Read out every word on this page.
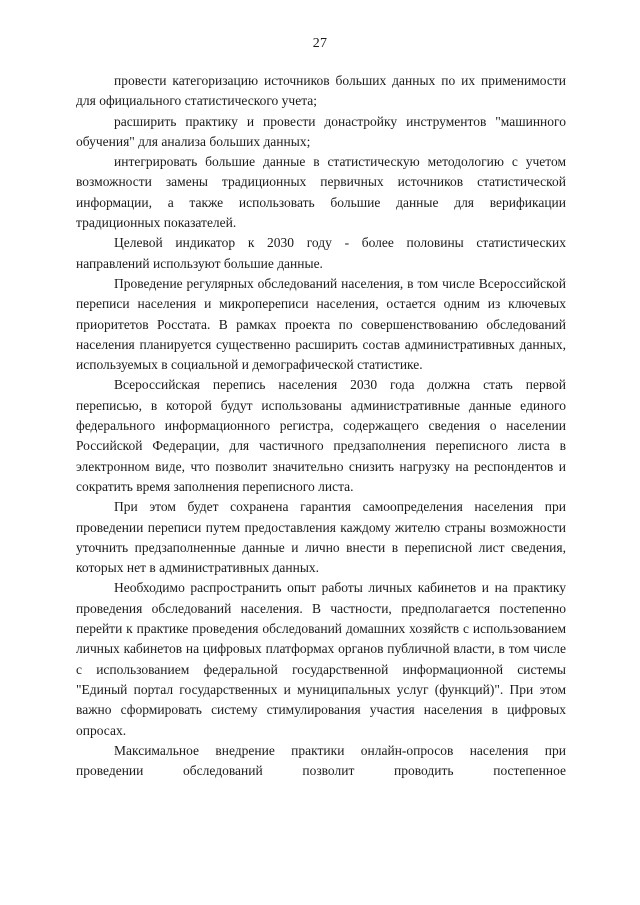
27

провести категоризацию источников больших данных по их применимости для официального статистического учета;

расширить практику и провести донастройку инструментов "машинного обучения" для анализа больших данных;

интегрировать большие данные в статистическую методологию с учетом возможности замены традиционных первичных источников статистической информации, а также использовать большие данные для верификации традиционных показателей.

Целевой индикатор к 2030 году - более половины статистических направлений используют большие данные.

Проведение регулярных обследований населения, в том числе Всероссийской переписи населения и микропереписи населения, остается одним из ключевых приоритетов Росстата. В рамках проекта по совершенствованию обследований населения планируется существенно расширить состав административных данных, используемых в социальной и демографической статистике.

Всероссийская перепись населения 2030 года должна стать первой переписью, в которой будут использованы административные данные единого федерального информационного регистра, содержащего сведения о населении Российской Федерации, для частичного предзаполнения переписного листа в электронном виде, что позволит значительно снизить нагрузку на респондентов и сократить время заполнения переписного листа.

При этом будет сохранена гарантия самоопределения населения при проведении переписи путем предоставления каждому жителю страны возможности уточнить предзаполненные данные и лично внести в переписной лист сведения, которых нет в административных данных.

Необходимо распространить опыт работы личных кабинетов и на практику проведения обследований населения. В частности, предполагается постепенно перейти к практике проведения обследований домашних хозяйств с использованием личных кабинетов на цифровых платформах органов публичной власти, в том числе с использованием федеральной государственной информационной системы "Единый портал государственных и муниципальных услуг (функций)". При этом важно сформировать систему стимулирования участия населения в цифровых опросах.

Максимальное внедрение практики онлайн-опросов населения при проведении обследований позволит проводить постепенное
